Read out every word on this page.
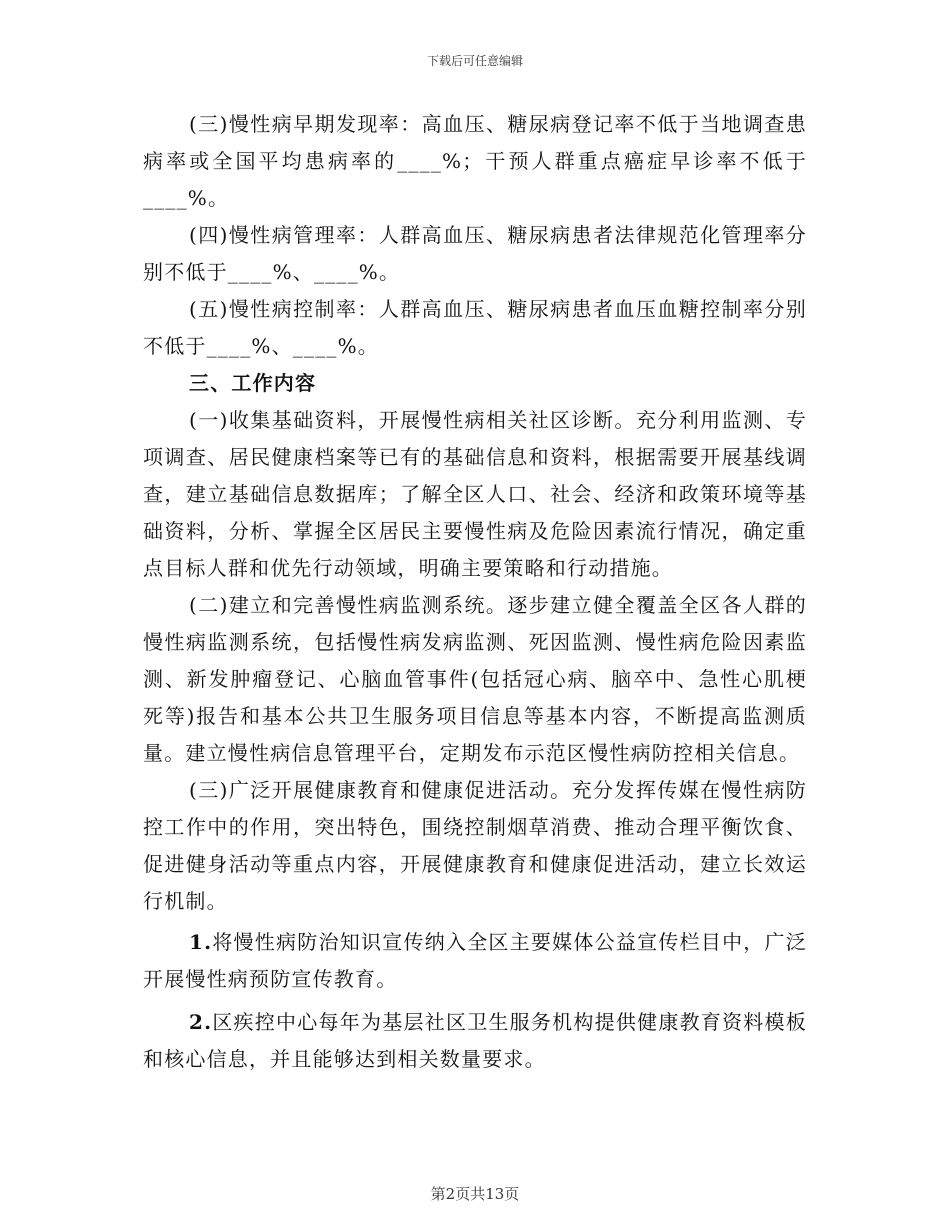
下载后可任意编辑

(三)慢性病早期发现率：高血压、糖尿病登记率不低于当地调查患病率或全国平均患病率的____%；干预人群重点癌症早诊率不低于____%。

(四)慢性病管理率：人群高血压、糖尿病患者法律规范化管理率分别不低于____%、____%。

(五)慢性病控制率：人群高血压、糖尿病患者血压血糖控制率分别不低于____%、____%。

三、工作内容

(一)收集基础资料，开展慢性病相关社区诊断。充分利用监测、专项调查、居民健康档案等已有的基础信息和资料，根据需要开展基线调查，建立基础信息数据库；了解全区人口、社会、经济和政策环境等基础资料，分析、掌握全区居民主要慢性病及危险因素流行情况，确定重点目标人群和优先行动领域，明确主要策略和行动措施。

(二)建立和完善慢性病监测系统。逐步建立健全覆盖全区各人群的慢性病监测系统，包括慢性病发病监测、死因监测、慢性病危险因素监测、新发肿瘤登记、心脑血管事件(包括冠心病、脑卒中、急性心肌梗死等)报告和基本公共卫生服务项目信息等基本内容，不断提高监测质量。建立慢性病信息管理平台，定期发布示范区慢性病防控相关信息。

(三)广泛开展健康教育和健康促进活动。充分发挥传媒在慢性病防控工作中的作用，突出特色，围绕控制烟草消费、推动合理平衡饮食、促进健身活动等重点内容，开展健康教育和健康促进活动，建立长效运行机制。

1.将慢性病防治知识宣传纳入全区主要媒体公益宣传栏目中，广泛开展慢性病预防宣传教育。

2.区疾控中心每年为基层社区卫生服务机构提供健康教育资料模板和核心信息，并且能够达到相关数量要求。

第2页共13页
